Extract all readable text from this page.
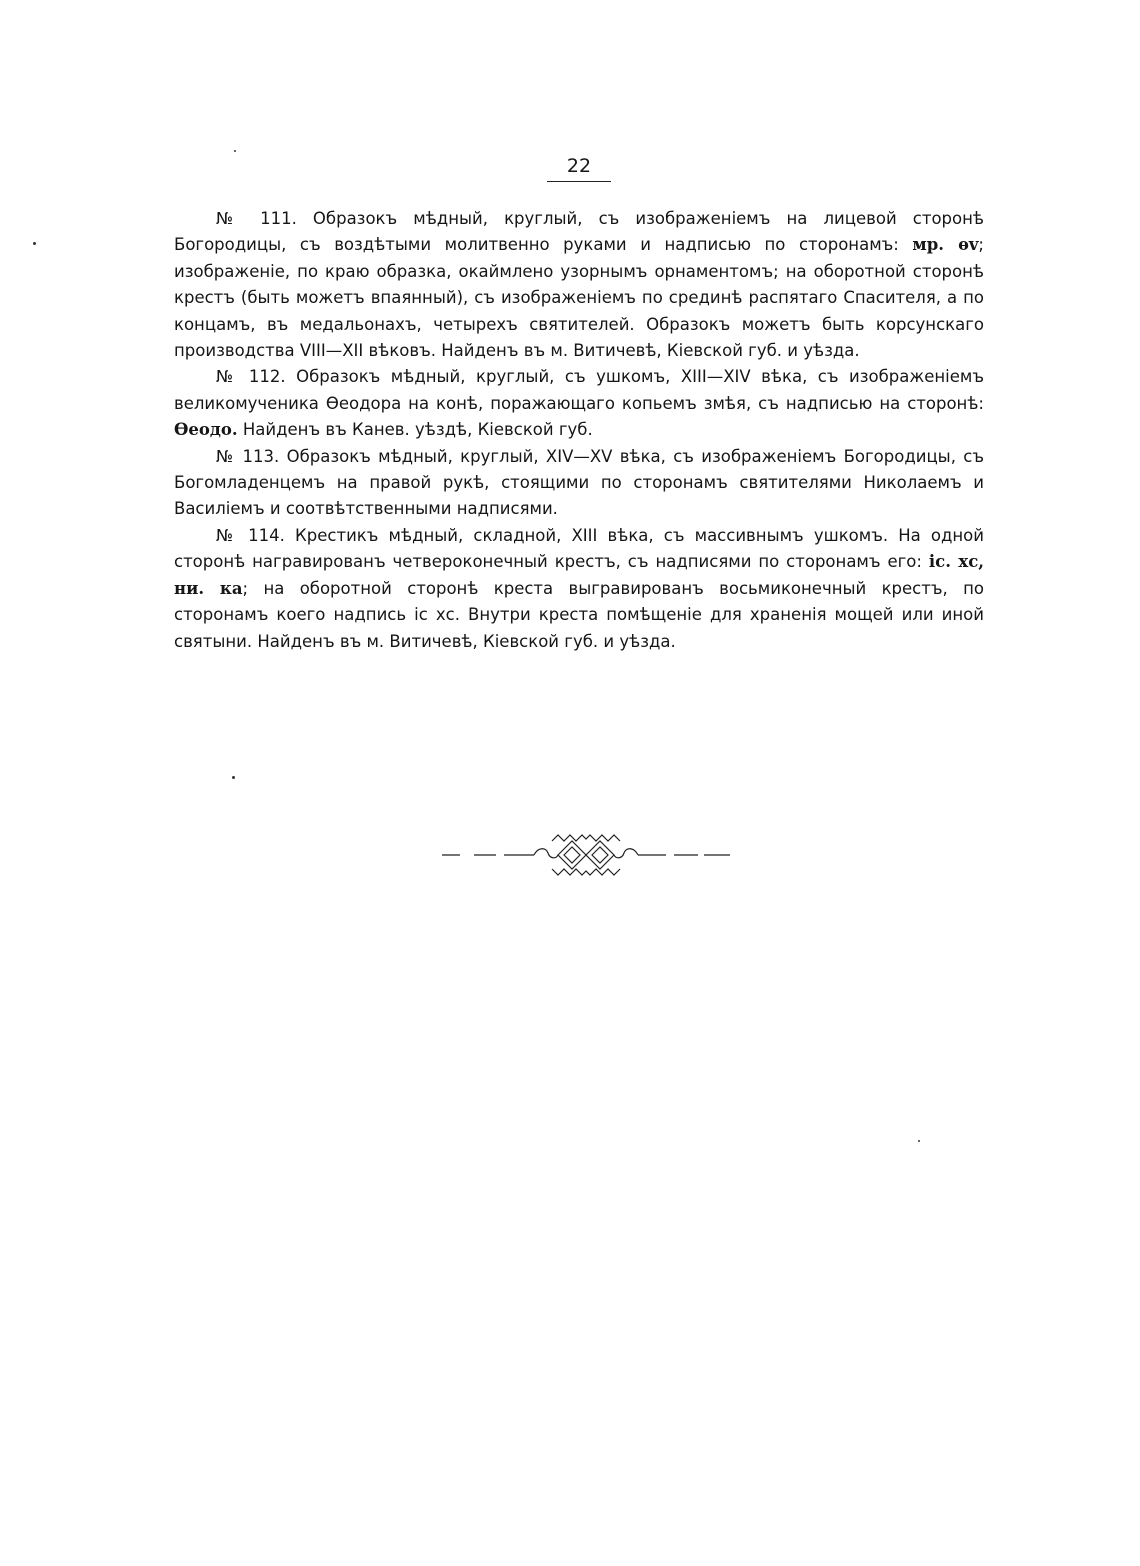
22

№ 111. Образокъ мѣдный, круглый, съ изображеніемъ на лицевой сторонѣ Богородицы, съ воздѣтыми молитвенно руками и надписью по сторонамъ: мр. ѳv; изображеніе, по краю образка, окаймлено узорнымъ орнаментомъ; на оборотной сторонѣ крестъ (быть можетъ впаянный), съ изображеніемъ по срединѣ распятаго Спасителя, а по концамъ, въ медальонахъ, четырехъ святителей. Образокъ можетъ быть корсунскаго производства VIII—XII вѣковъ. Найденъ въ м. Витичевѣ, Кіевской губ. и уѣзда.

№ 112. Образокъ мѣдный, круглый, съ ушкомъ, XIII—XIV вѣка, съ изображеніемъ великомученика Ѳеодора на конѣ, поражающаго копьемъ змѣя, съ надписью на сторонѣ: Ѳеодо. Найденъ въ Канев. уѣздѣ, Кіевской губ.

№ 113. Образокъ мѣдный, круглый, XIV—XV вѣка, съ изображеніемъ Богородицы, съ Богомладенцемъ на правой рукѣ, стоящими по сторонамъ святителями Николаемъ и Василіемъ и соотвѣтственными надписями.

№ 114. Крестикъ мѣдный, складной, XIII вѣка, съ массивнымъ ушкомъ. На одной сторонѣ награвированъ четвероконечный крестъ, съ надписями по сторонамъ его: іс. хс, ни. ка; на оборотной сторонѣ креста выгравированъ восьмиконечный крестъ, по сторонамъ коего надпись іс хс. Внутри креста помѣщеніе для храненія мощей или иной святыни. Найденъ въ м. Витичевѣ, Кіевской губ. и уѣзда.
